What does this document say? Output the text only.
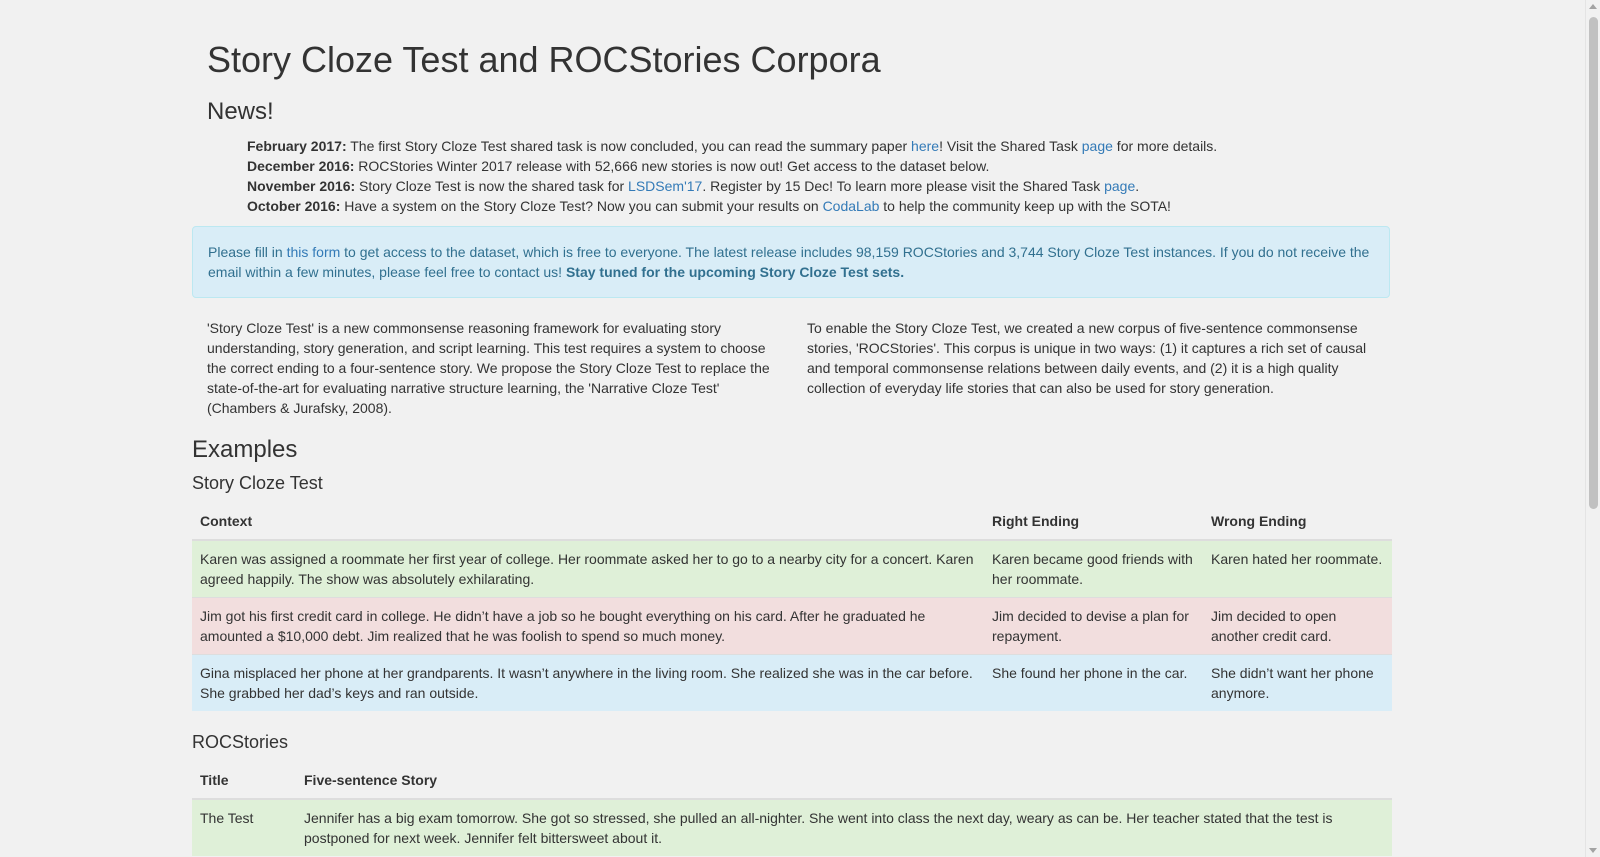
Story Cloze Test and ROCStories Corpora
News!
February 2017: The first Story Cloze Test shared task is now concluded, you can read the summary paper here! Visit the Shared Task page for more details.
December 2016: ROCStories Winter 2017 release with 52,666 new stories is now out! Get access to the dataset below.
November 2016: Story Cloze Test is now the shared task for LSDSem'17. Register by 15 Dec! To learn more please visit the Shared Task page.
October 2016: Have a system on the Story Cloze Test? Now you can submit your results on CodaLab to help the community keep up with the SOTA!

Please fill in this form to get access to the dataset, which is free to everyone. The latest release includes 98,159 ROCStories and 3,744 Story Cloze Test instances. If you do not receive the email within a few minutes, please feel free to contact us! Stay tuned for the upcoming Story Cloze Test sets.

'Story Cloze Test' is a new commonsense reasoning framework for evaluating story understanding, story generation, and script learning. This test requires a system to choose the correct ending to a four-sentence story. We propose the Story Cloze Test to replace the state-of-the-art for evaluating narrative structure learning, the 'Narrative Cloze Test' (Chambers & Jurafsky, 2008).

To enable the Story Cloze Test, we created a new corpus of five-sentence commonsense stories, 'ROCStories'. This corpus is unique in two ways: (1) it captures a rich set of causal and temporal commonsense relations between daily events, and (2) it is a high quality collection of everyday life stories that can also be used for story generation.

Examples
Story Cloze Test
Context	Right Ending	Wrong Ending
Karen was assigned a roommate her first year of college. Her roommate asked her to go to a nearby city for a concert. Karen agreed happily. The show was absolutely exhilarating.	Karen became good friends with her roommate.	Karen hated her roommate.
Jim got his first credit card in college. He didn’t have a job so he bought everything on his card. After he graduated he amounted a $10,000 debt. Jim realized that he was foolish to spend so much money.	Jim decided to devise a plan for repayment.	Jim decided to open another credit card.
Gina misplaced her phone at her grandparents. It wasn’t anywhere in the living room. She realized she was in the car before. She grabbed her dad’s keys and ran outside.	She found her phone in the car.	She didn’t want her phone anymore.
ROCStories
Title	Five-sentence Story
The Test	Jennifer has a big exam tomorrow. She got so stressed, she pulled an all-nighter. She went into class the next day, weary as can be. Her teacher stated that the test is postponed for next week. Jennifer felt bittersweet about it.
